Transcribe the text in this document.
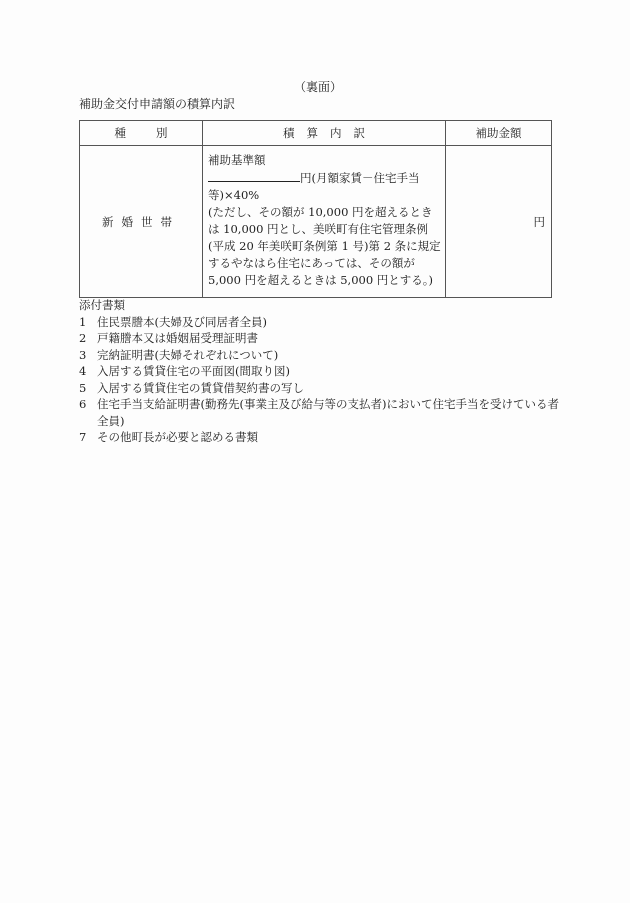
（裏面）
補助金交付申請額の積算内訳
種別	積算内訳	補助金額
新婚世帯	補助基準額
円(月額家賃－住宅手当等)×40%
(ただし、その額が 10,000 円を超えるときは 10,000 円とし、美咲町有住宅管理条例(平成 20 年美咲町条例第 1 号)第 2 条に規定するやなはら住宅にあっては、その額が 5,000 円を超えるときは 5,000 円とする。)	円
添付書類
1 住民票謄本(夫婦及び同居者全員)
2 戸籍謄本又は婚姻届受理証明書
3 完納証明書(夫婦それぞれについて)
4 入居する賃貸住宅の平面図(間取り図)
5 入居する賃貸住宅の賃貸借契約書の写し
6 住宅手当支給証明書(勤務先(事業主及び給与等の支払者)において住宅手当を受けている者全員)
7 その他町長が必要と認める書類
